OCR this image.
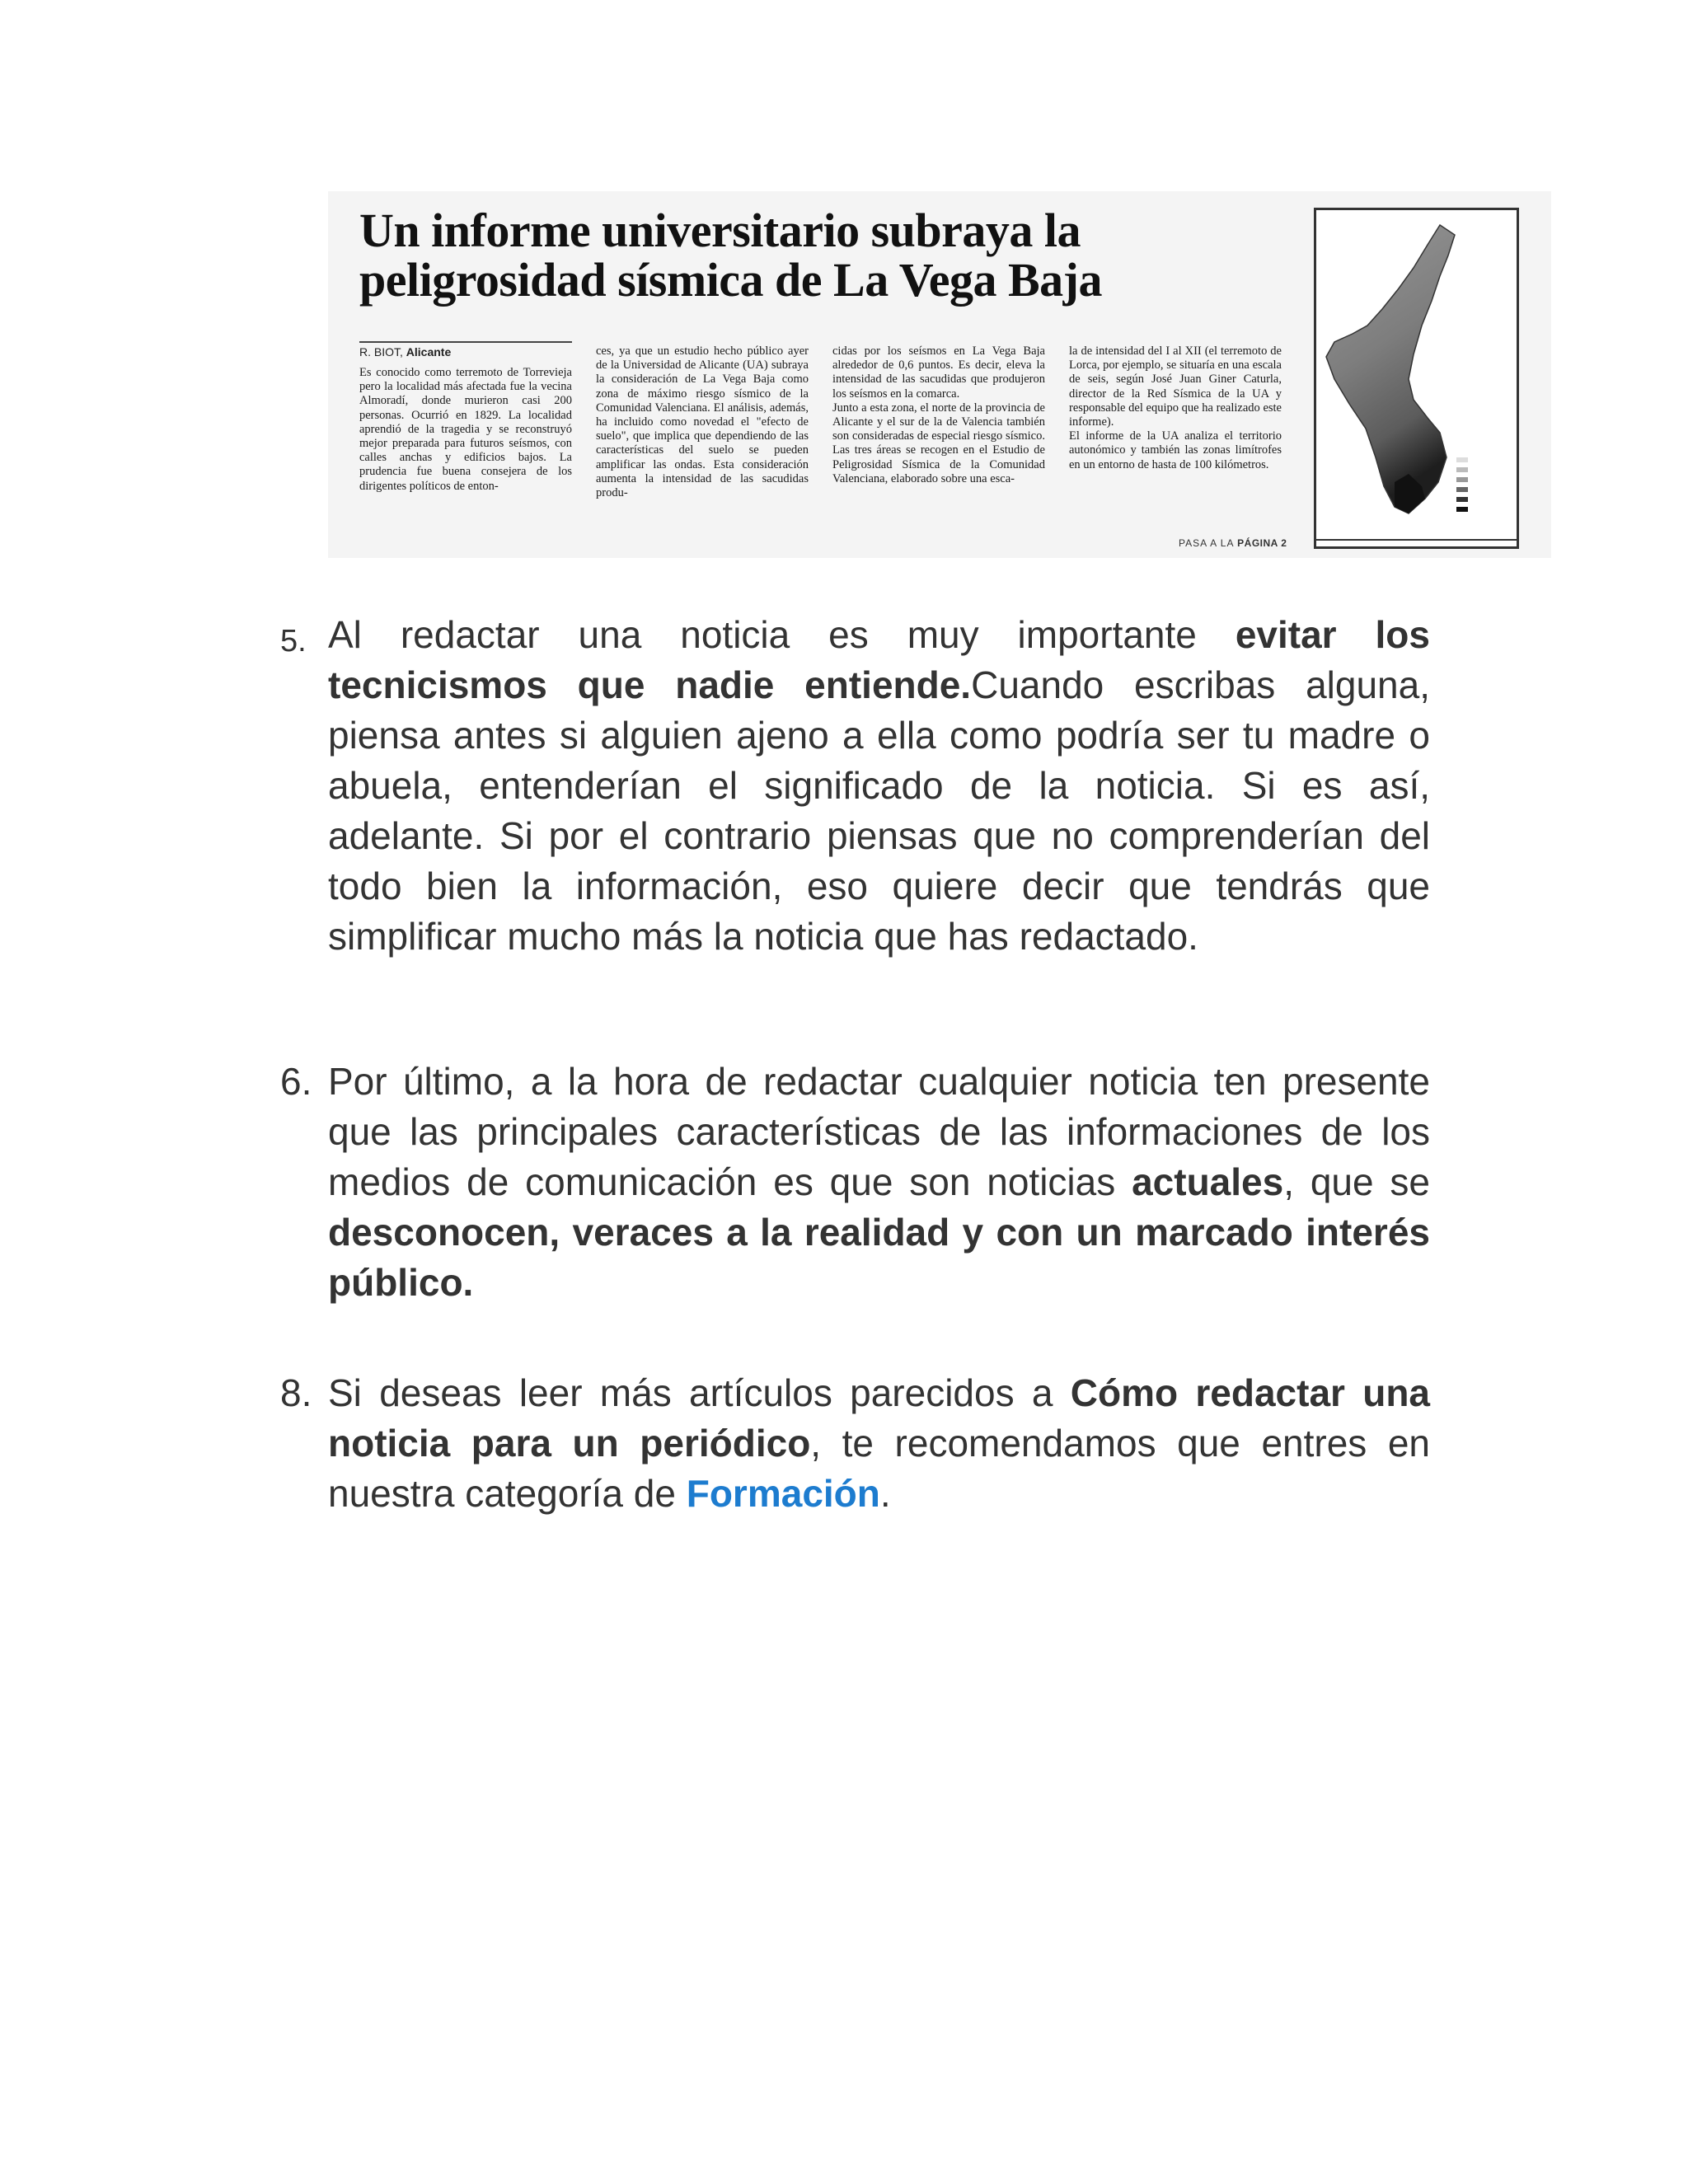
Un informe universitario subraya la
peligrosidad sísmica de La Vega Baja
R. BIOT, Alicante
Es conocido como terremoto de Torrevieja pero la localidad más afectada fue la vecina Almoradí, donde murieron casi 200 personas. Ocurrió en 1829. La localidad aprendió de la tragedia y se reconstruyó mejor preparada para futuros seísmos, con calles anchas y edificios bajos. La prudencia fue buena consejera de los dirigentes políticos de enton-
ces, ya que un estudio hecho público ayer de la Universidad de Alicante (UA) subraya la consideración de La Vega Baja como zona de máximo riesgo sísmico de la Comunidad Valenciana. El análisis, además, ha incluido como novedad el "efecto de suelo", que implica que dependiendo de las características del suelo se pueden amplificar las ondas. Esta consideración aumenta la intensidad de las sacudidas produ-
cidas por los seísmos en La Vega Baja alrededor de 0,6 puntos. Es decir, eleva la intensidad de las sacudidas que produjeron los seísmos en la comarca.
Junto a esta zona, el norte de la provincia de Alicante y el sur de la de Valencia también son consideradas de especial riesgo sísmico. Las tres áreas se recogen en el Estudio de Peligrosidad Sísmica de la Comunidad Valenciana, elaborado sobre una esca-
la de intensidad del I al XII (el terremoto de Lorca, por ejemplo, se situaría en una escala de seis, según José Juan Giner Caturla, director de la Red Sísmica de la UA y responsable del equipo que ha realizado este informe).
El informe de la UA analiza el territorio autonómico y también las zonas limítrofes en un entorno de hasta de 100 kilómetros.
PASA A LA PÁGINA 2
5. Al redactar una noticia es muy importante evitar los tecnicismos que nadie entiende.Cuando escribas alguna, piensa antes si alguien ajeno a ella como podría ser tu madre o abuela, entenderían el significado de la noticia. Si es así, adelante. Si por el contrario piensas que no comprenderían del todo bien la información, eso quiere decir que tendrás que simplificar mucho más la noticia que has redactado.
6. Por último, a la hora de redactar cualquier noticia ten presente que las principales características de las informaciones de los medios de comunicación es que son noticias actuales, que se desconocen, veraces a la realidad y con un marcado interés público.
8. Si deseas leer más artículos parecidos a Cómo redactar una noticia para un periódico, te recomendamos que entres en nuestra categoría de Formación.
